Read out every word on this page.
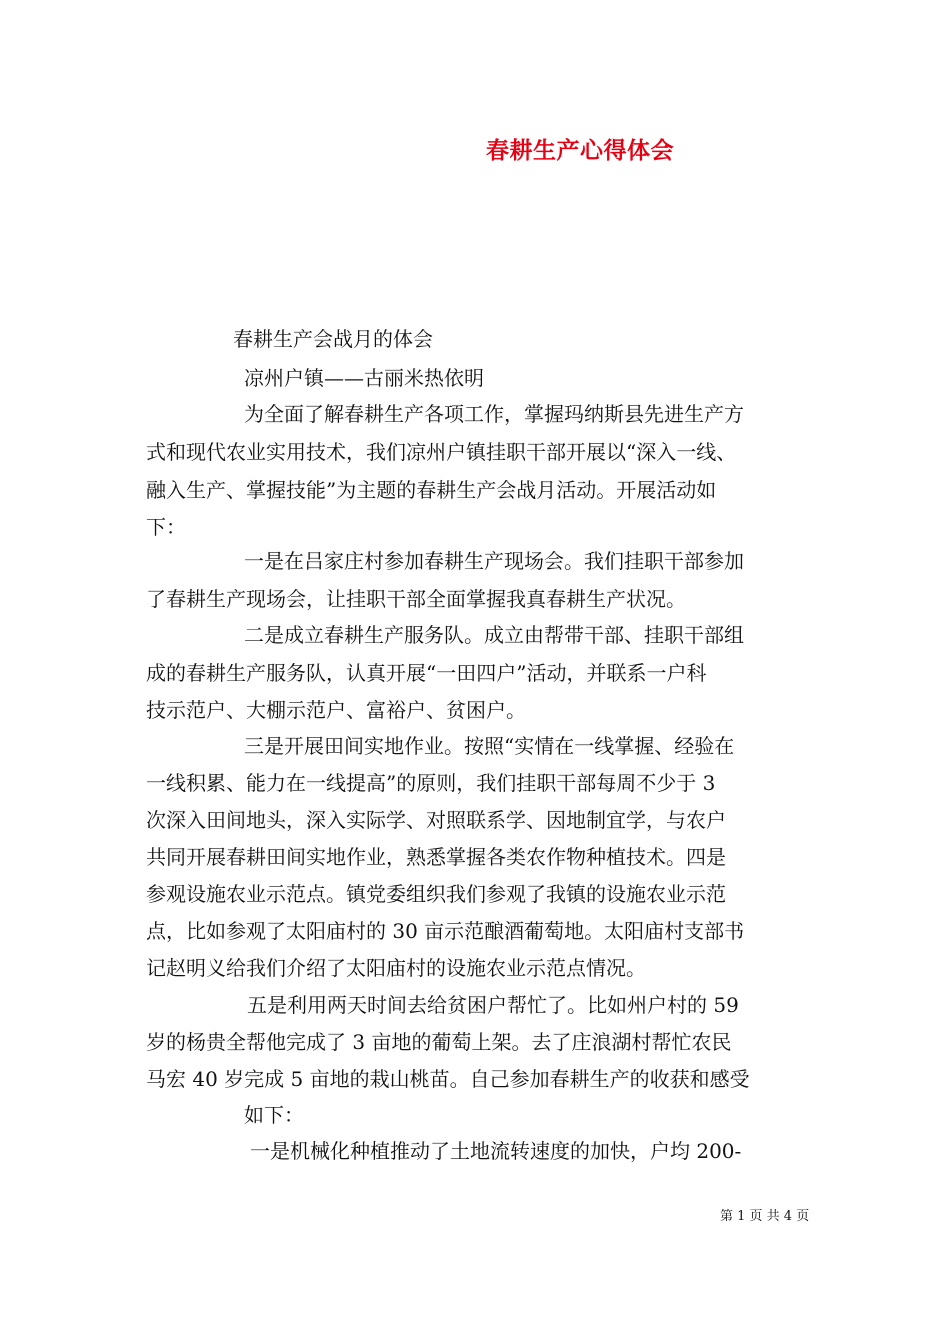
春耕生产心得体会
春耕生产会战月的体会
凉州户镇——古丽米热依明
为全面了解春耕生产各项工作，掌握玛纳斯县先进生产方
式和现代农业实用技术，我们凉州户镇挂职干部开展以“深入一线、
融入生产、掌握技能”为主题的春耕生产会战月活动。开展活动如
下：
一是在吕家庄村参加春耕生产现场会。我们挂职干部参加
了春耕生产现场会，让挂职干部全面掌握我真春耕生产状况。
二是成立春耕生产服务队。成立由帮带干部、挂职干部组
成的春耕生产服务队，认真开展“一田四户”活动，并联系一户科
技示范户、大棚示范户、富裕户、贫困户。
三是开展田间实地作业。按照“实情在一线掌握、经验在
一线积累、能力在一线提高”的原则，我们挂职干部每周不少于 3
次深入田间地头，深入实际学、对照联系学、因地制宜学，与农户
共同开展春耕田间实地作业，熟悉掌握各类农作物种植技术。四是
参观设施农业示范点。镇党委组织我们参观了我镇的设施农业示范
点，比如参观了太阳庙村的 30 亩示范酿酒葡萄地。太阳庙村支部书
记赵明义给我们介绍了太阳庙村的设施农业示范点情况。
五是利用两天时间去给贫困户帮忙了。比如州户村的 59
岁的杨贵全帮他完成了 3 亩地的葡萄上架。去了庄浪湖村帮忙农民
马宏 40 岁完成 5 亩地的栽山桃苗。自己参加春耕生产的收获和感受
如下：
一是机械化种植推动了土地流转速度的加快，户均 200-
第 1 页 共 4 页
